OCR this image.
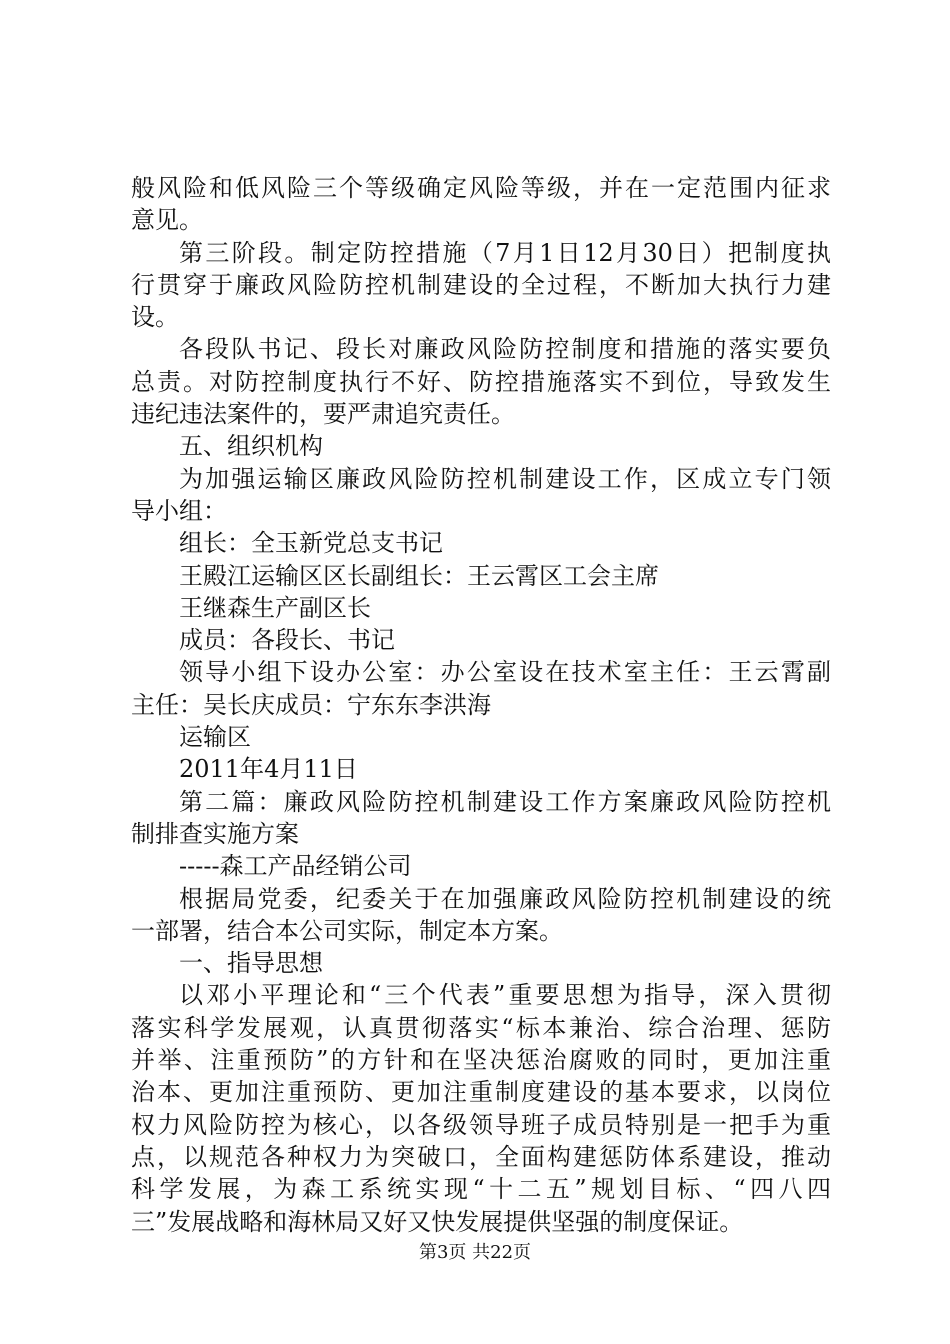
般风险和低风险三个等级确定风险等级，并在一定范围内征求
意见。
第三阶段。制定防控措施（7月1日12月30日）把制度执
行贯穿于廉政风险防控机制建设的全过程，不断加大执行力建
设。
各段队书记、段长对廉政风险防控制度和措施的落实要负
总责。对防控制度执行不好、防控措施落实不到位，导致发生
违纪违法案件的，要严肃追究责任。
五、组织机构
为加强运输区廉政风险防控机制建设工作，区成立专门领
导小组：
组长：全玉新党总支书记
王殿江运输区区长副组长：王云霄区工会主席
王继森生产副区长
成员：各段长、书记
领导小组下设办公室：办公室设在技术室主任：王云霄副
主任：吴长庆成员：宁东东李洪海
运输区
2011年4月11日
第二篇：廉政风险防控机制建设工作方案廉政风险防控机
制排查实施方案
-----森工产品经销公司
根据局党委，纪委关于在加强廉政风险防控机制建设的统
一部署，结合本公司实际，制定本方案。
一、指导思想
以邓小平理论和“三个代表”重要思想为指导，深入贯彻
落实科学发展观，认真贯彻落实“标本兼治、综合治理、惩防
并举、注重预防”的方针和在坚决惩治腐败的同时，更加注重
治本、更加注重预防、更加注重制度建设的基本要求，以岗位
权力风险防控为核心，以各级领导班子成员特别是一把手为重
点，以规范各种权力为突破口，全面构建惩防体系建设，推动
科学发展，为森工系统实现“十二五”规划目标、“四八四
三”发展战略和海林局又好又快发展提供坚强的制度保证。
第3页 共22页
